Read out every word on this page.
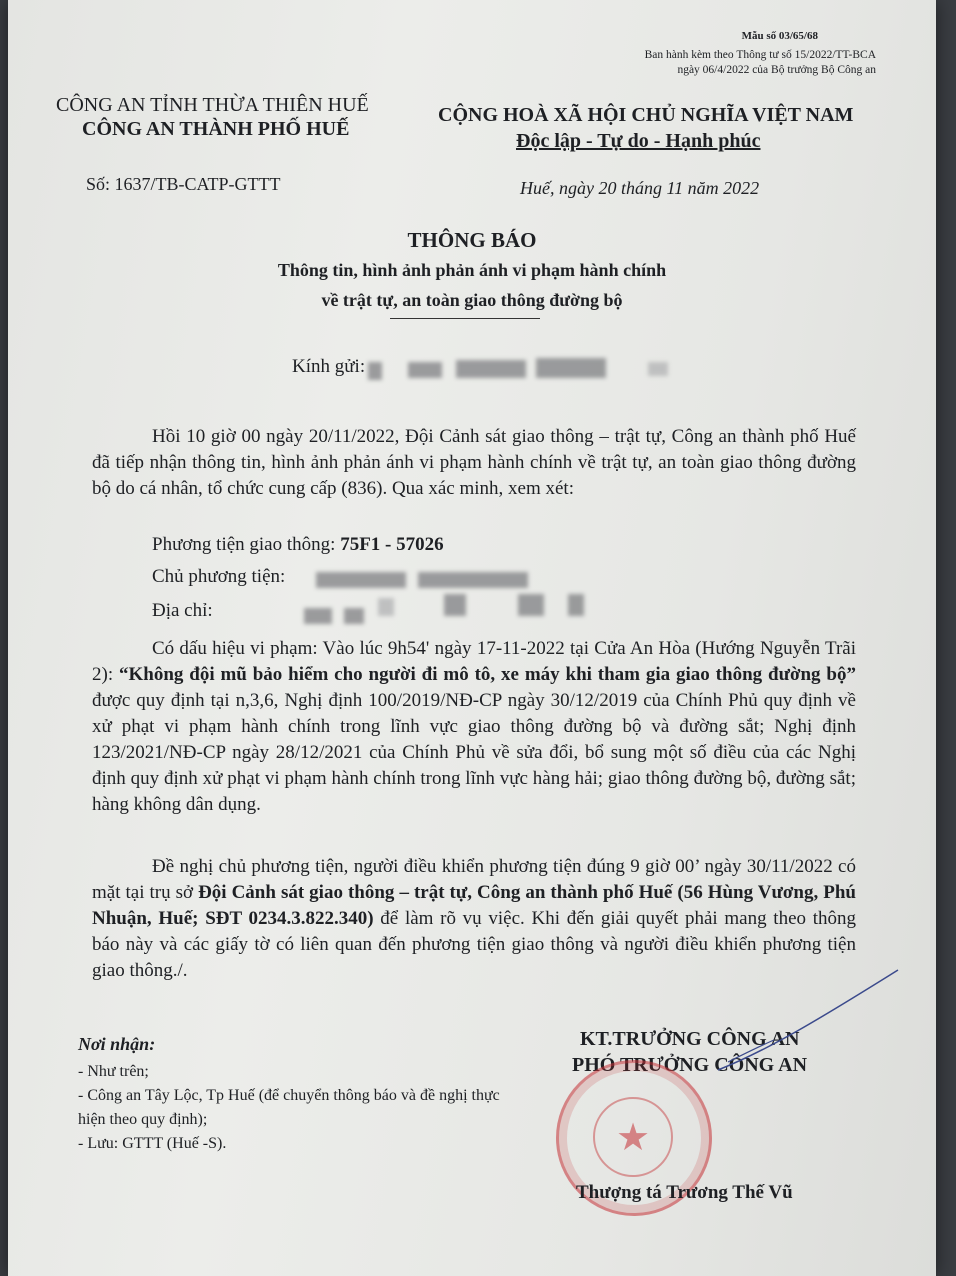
Mẫu số 03/65/68
Ban hành kèm theo Thông tư số 15/2022/TT-BCA
ngày 06/4/2022 của Bộ trưởng Bộ Công an
CÔNG AN TỈNH THỪA THIÊN HUẾ
CÔNG AN THÀNH PHỐ HUẾ
CỘNG HOÀ XÃ HỘI CHỦ NGHĨA VIỆT NAM
Độc lập - Tự do - Hạnh phúc
Số: 1637/TB-CATP-GTTT	Huế, ngày 20 tháng 11 năm 2022
THÔNG BÁO
Thông tin, hình ảnh phản ánh vi phạm hành chính
về trật tự, an toàn giao thông đường bộ
Kính gửi:
Hồi 10 giờ 00 ngày 20/11/2022, Đội Cảnh sát giao thông – trật tự, Công an thành phố Huế đã tiếp nhận thông tin, hình ảnh phản ánh vi phạm hành chính về trật tự, an toàn giao thông đường bộ do cá nhân, tổ chức cung cấp (836). Qua xác minh, xem xét:
Phương tiện giao thông: 75F1 - 57026
Chủ phương tiện:
Địa chỉ:
Có dấu hiệu vi phạm: Vào lúc 9h54' ngày 17-11-2022 tại Cửa An Hòa (Hướng Nguyễn Trãi 2): “Không đội mũ bảo hiểm cho người đi mô tô, xe máy khi tham gia giao thông đường bộ” được quy định tại n,3,6, Nghị định 100/2019/NĐ-CP ngày 30/12/2019 của Chính Phủ quy định về xử phạt vi phạm hành chính trong lĩnh vực giao thông đường bộ và đường sắt; Nghị định 123/2021/NĐ-CP ngày 28/12/2021 của Chính Phủ về sửa đổi, bổ sung một số điều của các Nghị định quy định xử phạt vi phạm hành chính trong lĩnh vực hàng hải; giao thông đường bộ, đường sắt; hàng không dân dụng.
Đề nghị chủ phương tiện, người điều khiển phương tiện đúng 9 giờ 00’ ngày 30/11/2022 có mặt tại trụ sở Đội Cảnh sát giao thông – trật tự, Công an thành phố Huế (56 Hùng Vương, Phú Nhuận, Huế; SĐT 0234.3.822.340) để làm rõ vụ việc. Khi đến giải quyết phải mang theo thông báo này và các giấy tờ có liên quan đến phương tiện giao thông và người điều khiển phương tiện giao thông./.
Nơi nhận:
- Như trên;
- Công an Tây Lộc, Tp Huế (để chuyển thông báo và đề nghị thực hiện theo quy định);
- Lưu: GTTT (Huế -S).
KT.TRƯỞNG CÔNG AN
PHÓ TRƯỞNG CÔNG AN
★
Thượng tá Trương Thế Vũ
